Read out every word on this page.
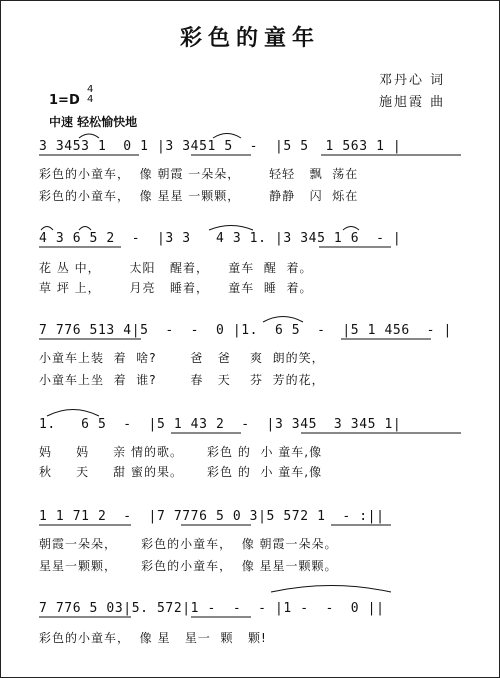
彩色的童年
邓丹心 词
施旭霞 曲
1=D
4
4
中速 轻松愉快地
3 3453 1  0 1 |3 3451 5  -  |5 5  1 563 1 |
彩色的小童车，  像 朝霞 一朵朵，      轻轻   飘  荡在
彩色的小童车，  像 星星 一颗颗，      静静   闪  烁在
4 3 6 5 2  -  |3 3   4 3 1. |3 345 1 6  - |
花 丛 中，      太阳   醒着，    童车  醒  着。
草 坪 上，      月亮   睡着，    童车  睡  着。
7 776 513 4|5  -  -  0 |1.  6 5  -  |5 1 456  - |
小童车上装  着  啥?       爸   爸    爽  朗的笑，
小童车上坐  着  谁?       春   天    芬  芳的花，
1.   6 5  -  |5 1 43 2  -  |3 345  3 345 1|
妈     妈     亲 情的歌。     彩色 的  小 童车,像
秋     天     甜 蜜的果。     彩色 的  小 童车,像
1 1 71 2  -  |7 7776 5 0 3|5 572 1  - :||
朝霞一朵朵，     彩色的小童车，  像 朝霞一朵朵。
星星一颗颗，     彩色的小童车，  像 星星一颗颗。
7 776 5 03|5. 572|1 -  -  - |1 -  -  0 ||
彩色的小童车，  像 星   星一  颗   颗!
